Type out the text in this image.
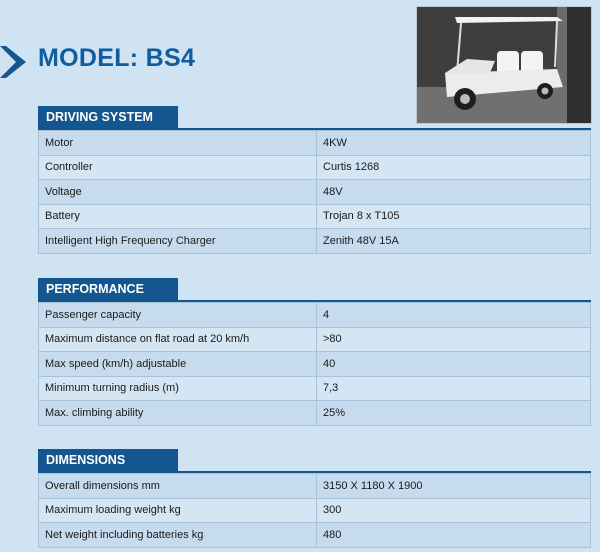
MODEL: BS4
DRIVING SYSTEM
Motor	4KW
Controller	Curtis 1268
Voltage	48V
Battery	Trojan 8 x T105
Intelligent High Frequency Charger	Zenith 48V 15A
PERFORMANCE
Passenger capacity	4
Maximum distance on flat road at 20 km/h	>80
Max speed (km/h) adjustable	40
Minimum turning radius (m)	7,3
Max. climbing ability	25%
DIMENSIONS
Overall dimensions mm	3150 X 1180 X 1900
Maximum loading weight kg	300
Net weight including batteries kg	480
